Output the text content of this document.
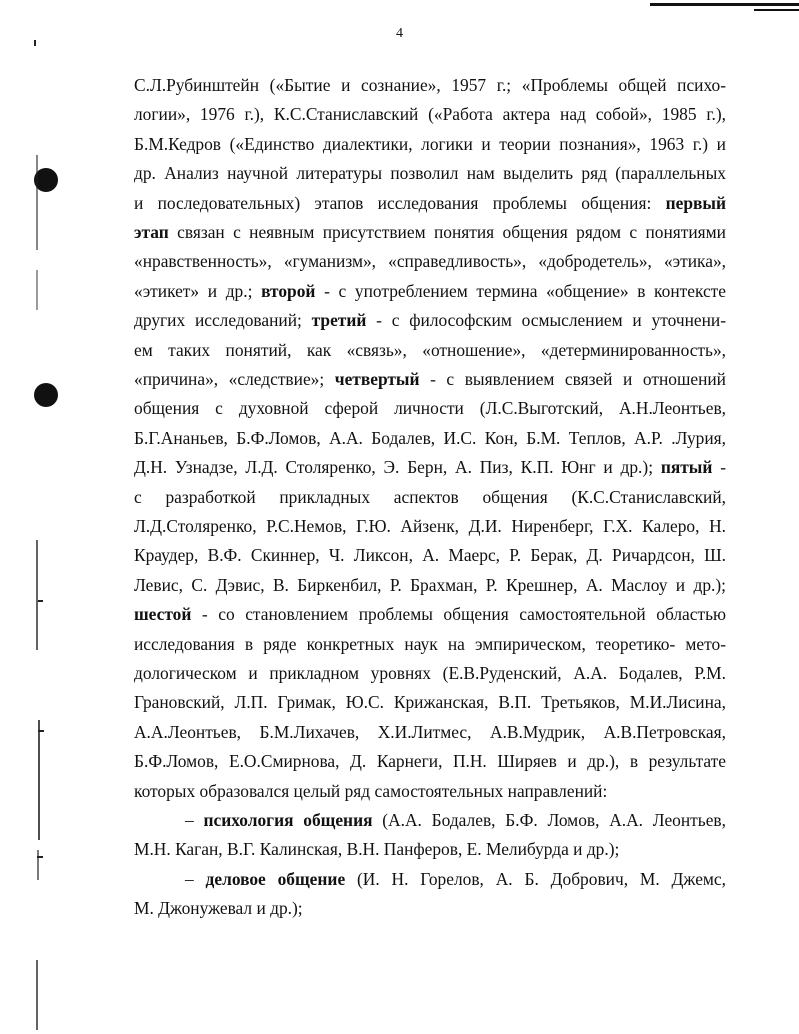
4
С.Л.Рубинштейн («Бытие и сознание», 1957 г.; «Проблемы общей психо-
логии», 1976 г.), К.С.Станиславский («Работа актера над собой», 1985 г.),
Б.М.Кедров («Единство диалектики, логики и теории познания», 1963 г.) и
др. Анализ научной литературы позволил нам выделить ряд (параллельных
и последовательных) этапов исследования проблемы общения: первый
этап связан с неявным присутствием понятия общения рядом с понятиями
«нравственность», «гуманизм», «справедливость», «добродетель», «этика»,
«этикет» и др.; второй - с употреблением термина «общение» в контексте
других исследований; третий - с философским осмыслением и уточнени-
ем таких понятий, как «связь», «отношение», «детерминированность»,
«причина», «следствие»; четвертый - с выявлением связей и отношений
общения с духовной сферой личности (Л.С.Выготский, А.Н.Леонтьев,
Б.Г.Ананьев, Б.Ф.Ломов, А.А. Бодалев, И.С. Кон, Б.М. Теплов, А.Р. .Лурия,
Д.Н. Узнадзе, Л.Д. Столяренко, Э. Берн, А. Пиз, К.П. Юнг и др.); пятый -
с разработкой прикладных аспектов общения (К.С.Станиславский,
Л.Д.Столяренко, Р.С.Немов, Г.Ю. Айзенк, Д.И. Ниренберг, Г.Х. Калеро, Н.
Краудер, В.Ф. Скиннер, Ч. Ликсон, А. Маерс, Р. Берак, Д. Ричардсон, Ш.
Левис, С. Дэвис, В. Биркенбил, Р. Брахман, Р. Крешнер, А. Маслоу и др.);
шестой - со становлением проблемы общения самостоятельной областью
исследования в ряде конкретных наук на эмпирическом, теоретико- мето-
дологическом и прикладном уровнях (Е.В.Руденский, А.А. Бодалев, Р.М.
Грановский, Л.П. Гримак, Ю.С. Крижанская, В.П. Третьяков, М.И.Лисина,
А.А.Леонтьев, Б.М.Лихачев, Х.И.Литмес, А.В.Мудрик, А.В.Петровская,
Б.Ф.Ломов, Е.О.Смирнова, Д. Карнеги, П.Н. Ширяев и др.), в результате
которых образовался целый ряд самостоятельных направлений:
– психология общения (А.А. Бодалев, Б.Ф. Ломов, А.А. Леонтьев,
М.Н. Каган, В.Г. Калинская, В.Н. Панферов, Е. Мелибурда и др.);
– деловое общение (И. Н. Горелов, А. Б. Добрович, М. Джемс,
М. Джонужевал и др.);
